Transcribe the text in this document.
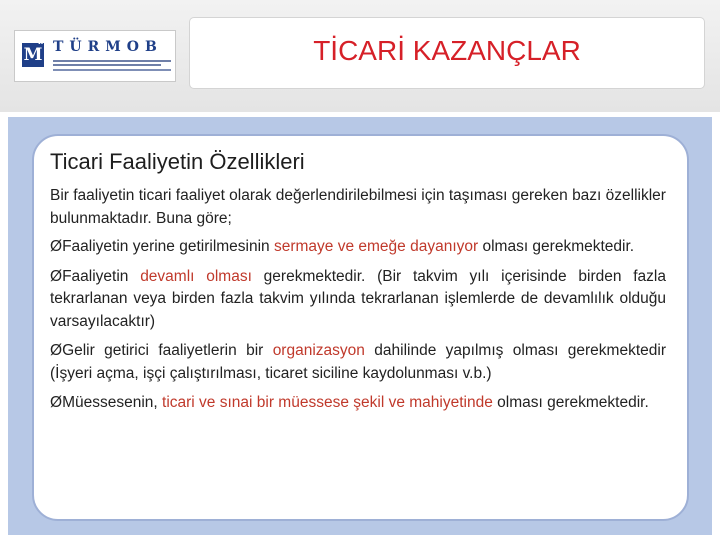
M
R TÜRMOB	TİCARİ KAZANÇLAR
Ticari Faaliyetin Özellikleri

Bir faaliyetin ticari faaliyet olarak değerlendirilebilmesi için taşıması gereken bazı özellikler bulunmaktadır. Buna göre;

ØFaaliyetin yerine getirilmesinin sermaye ve emeğe dayanıyor olması gerekmektedir.

ØFaaliyetin devamlı olması gerekmektedir. (Bir takvim yılı içerisinde birden fazla tekrarlanan veya birden fazla takvim yılında tekrarlanan işlemlerde de devamlılık olduğu varsayılacaktır)

ØGelir getirici faaliyetlerin bir organizasyon dahilinde yapılmış olması gerekmektedir (İşyeri açma, işçi çalıştırılması, ticaret siciline kaydolunması v.b.)

ØMüessesenin, ticari ve sınai bir müessese şekil ve mahiyetinde olması gerekmektedir.
